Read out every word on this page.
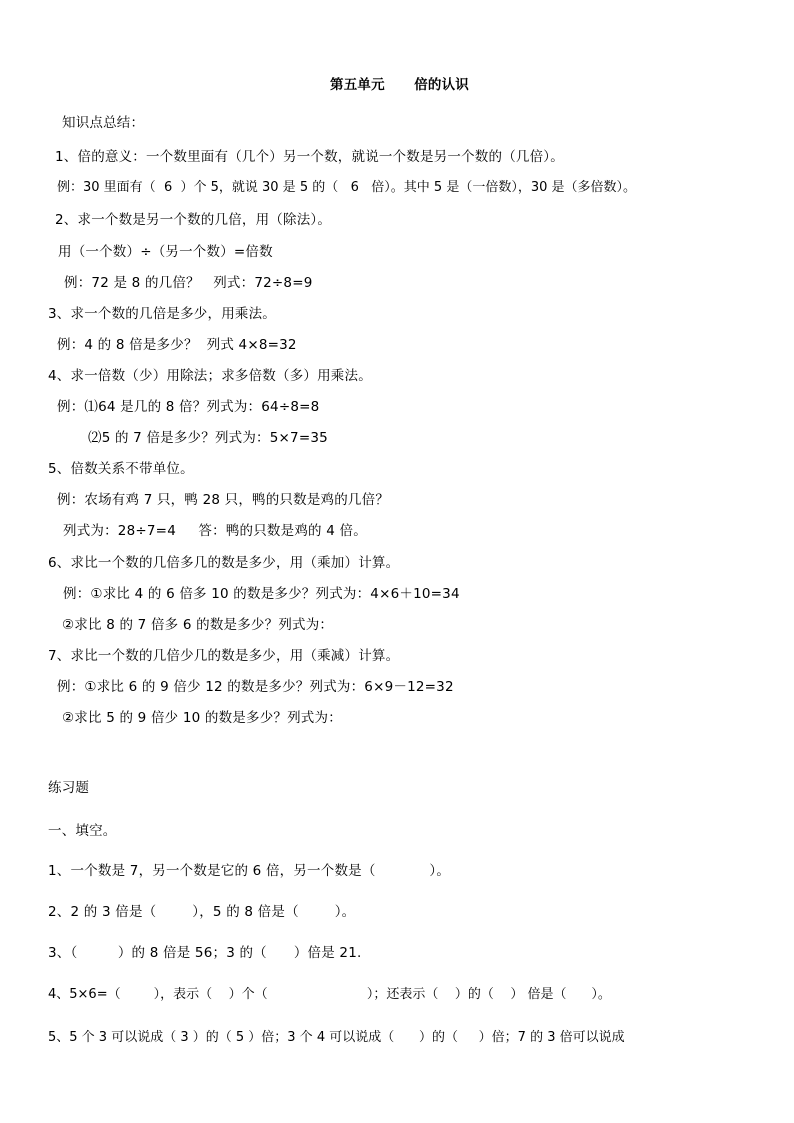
第五单元      倍的认识
知识点总结：
1、倍的意义：一个数里面有（几个）另一个数，就说一个数是另一个数的（几倍）。
例：30 里面有（  6  ）个 5，就说 30 是 5 的（   6   倍）。其中 5 是（一倍数），30 是（多倍数）。
2、求一个数是另一个数的几倍，用（除法）。
用（一个数）÷（另一个数）=倍数
例：72 是 8 的几倍？   列式：72÷8=9
3、求一个数的几倍是多少，用乘法。
例：4 的 8 倍是多少？  列式 4×8=32
4、求一倍数（少）用除法；求多倍数（多）用乘法。
例：⑴64 是几的 8 倍？列式为：64÷8=8
⑵5 的 7 倍是多少？列式为：5×7=35
5、倍数关系不带单位。
例：农场有鸡 7 只，鸭 28 只，鸭的只数是鸡的几倍？
列式为：28÷7=4     答：鸭的只数是鸡的 4 倍。
6、求比一个数的几倍多几的数是多少，用（乘加）计算。
例：①求比 4 的 6 倍多 10 的数是多少？列式为：4×6＋10=34
②求比 8 的 7 倍多 6 的数是多少？列式为：
7、求比一个数的几倍少几的数是多少，用（乘减）计算。
例：①求比 6 的 9 倍少 12 的数是多少？列式为：6×9－12=32
②求比 5 的 9 倍少 10 的数是多少？列式为：
练习题
一、填空。
1、一个数是 7，另一个数是它的 6 倍，另一个数是（            ）。
2、2 的 3 倍是（        ），5 的 8 倍是（        ）。
3、（         ）的 8 倍是 56；3 的（      ）倍是 21.
4、5×6=（        ），表示（    ）个（                        ）；还表示（    ）的（    ） 倍是（      ）。
5、5 个 3 可以说成（ 3 ）的（ 5 ）倍；3 个 4 可以说成（      ）的（     ）倍；7 的 3 倍可以说成
